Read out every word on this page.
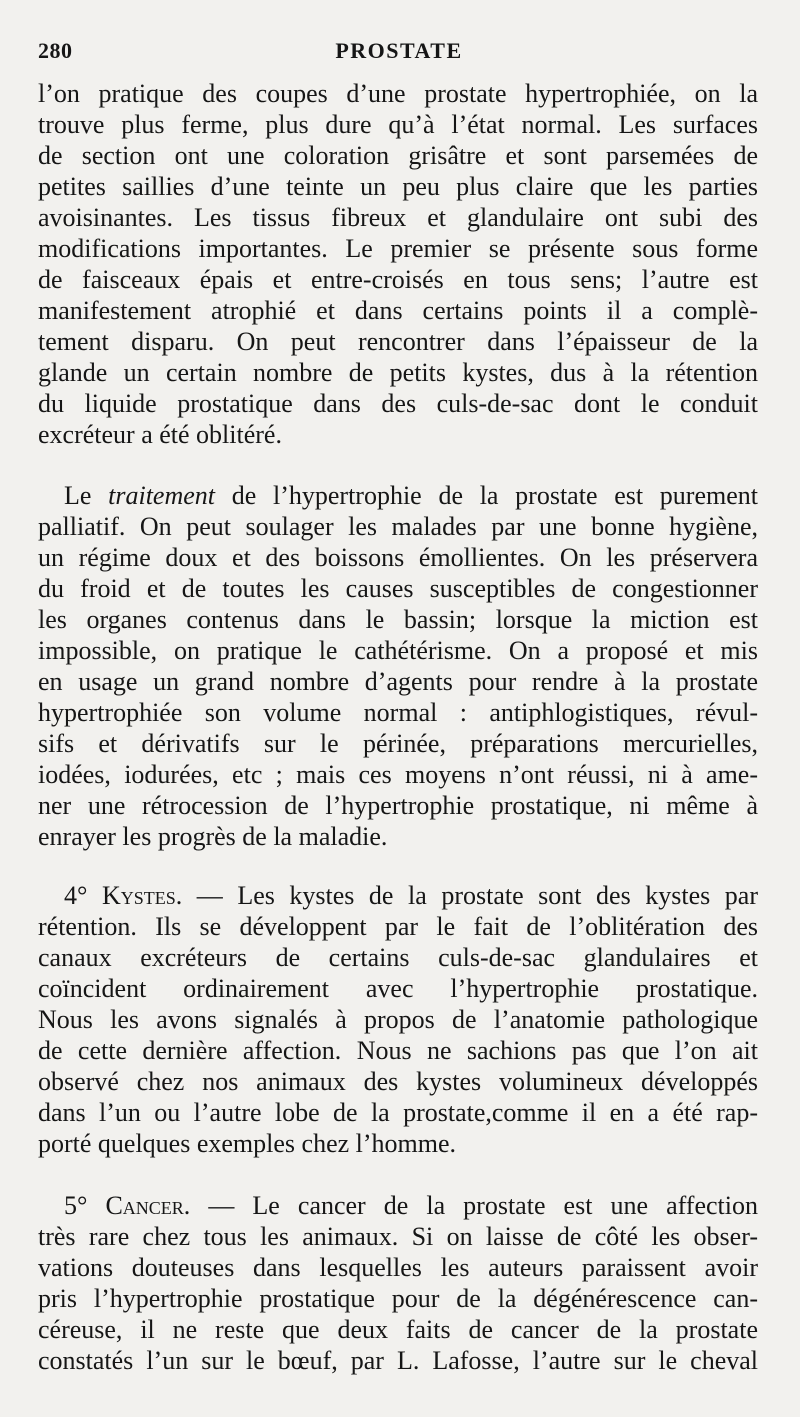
280	PROSTATE
l’on pratique des coupes d’une prostate hypertrophiée, on la
trouve plus ferme, plus dure qu’à l’état normal. Les surfaces
de section ont une coloration grisâtre et sont parsemées de
petites saillies d’une teinte un peu plus claire que les parties
avoisinantes. Les tissus fibreux et glandulaire ont subi des
modifications importantes. Le premier se présente sous forme
de faisceaux épais et entre-croisés en tous sens; l’autre est
manifestement atrophié et dans certains points il a complè-
tement disparu. On peut rencontrer dans l’épaisseur de la
glande un certain nombre de petits kystes, dus à la rétention
du liquide prostatique dans des culs-de-sac dont le conduit
excréteur a été oblitéré.
Le traitement de l’hypertrophie de la prostate est purement
palliatif. On peut soulager les malades par une bonne hygiène,
un régime doux et des boissons émollientes. On les préservera
du froid et de toutes les causes susceptibles de congestionner
les organes contenus dans le bassin; lorsque la miction est
impossible, on pratique le cathétérisme. On a proposé et mis
en usage un grand nombre d’agents pour rendre à la prostate
hypertrophiée son volume normal : antiphlogistiques, révul-
sifs et dérivatifs sur le périnée, préparations mercurielles,
iodées, iodurées, etc ; mais ces moyens n’ont réussi, ni à ame-
ner une rétrocession de l’hypertrophie prostatique, ni même à
enrayer les progrès de la maladie.
4° Kystes. — Les kystes de la prostate sont des kystes par
rétention. Ils se développent par le fait de l’oblitération des
canaux excréteurs de certains culs-de-sac glandulaires et
coïncident ordinairement avec l’hypertrophie prostatique.
Nous les avons signalés à propos de l’anatomie pathologique
de cette dernière affection. Nous ne sachions pas que l’on ait
observé chez nos animaux des kystes volumineux développés
dans l’un ou l’autre lobe de la prostate,comme il en a été rap-
porté quelques exemples chez l’homme.
5° Cancer. — Le cancer de la prostate est une affection
très rare chez tous les animaux. Si on laisse de côté les obser-
vations douteuses dans lesquelles les auteurs paraissent avoir
pris l’hypertrophie prostatique pour de la dégénérescence can-
céreuse, il ne reste que deux faits de cancer de la prostate
constatés l’un sur le bœuf, par L. Lafosse, l’autre sur le cheval
